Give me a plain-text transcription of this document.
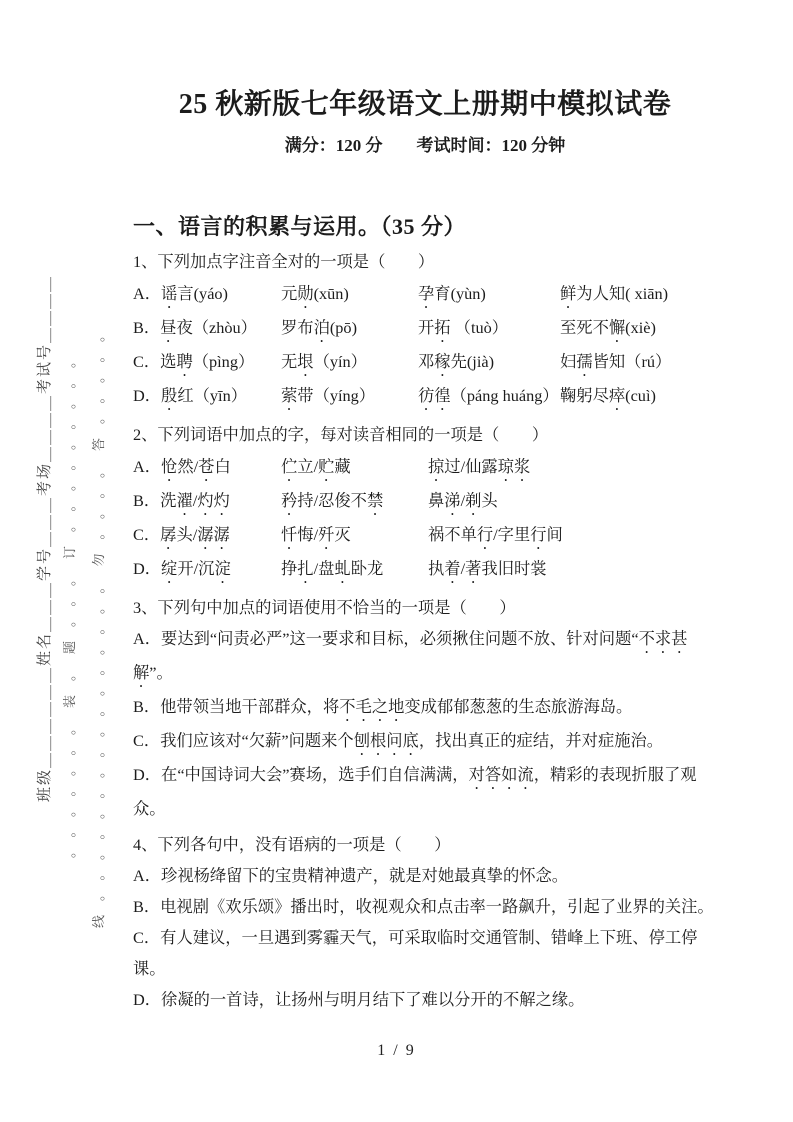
班级＿＿＿＿＿＿姓名＿＿＿学号＿＿＿考场＿＿＿＿考试号＿＿＿＿ 。。。。。。。装。题。。。订。。。。。。。。。 线。。。。。。。。。。。。。。。。勿。。。。答。。。。。
25 秋新版七年级语文上册期中模拟试卷
满分：120 分　　考试时间：120 分钟
一、语言的积累与运用。（35 分）
1、下列加点字注音全对的一项是（　　）
A．谣言(yáo)	元勋(xūn)	孕育(yùn)	鲜为人知( xiān)
B．昼夜（zhòu） 罗布泊(pō)	开拓 （tuò）	至死不懈(xiè)
C．选聘（pìng） 无垠（yín）	邓稼先(jià)	妇孺皆知（rú）
D．殷红（yīn） 萦带（yíng）	彷徨（páng huáng）鞠躬尽瘁(cuì)
2、下列词语中加点的字，每对读音相同的一项是（　　）
A．怆然/苍白	伫立/贮藏	掠过/仙露琼浆
B．洗濯/灼灼	矜持/忍俊不禁	鼻涕/剃头
C．孱头/潺潺	忏悔/歼灭	祸不单行/字里行间
D．绽开/沉淀	挣扎/盘虬卧龙	执着/著我旧时裳
3、下列句中加点的词语使用不恰当的一项是（　　）
A．要达到“问责必严”这一要求和目标，必须揪住问题不放、针对问题“不求甚解”。
B．他带领当地干部群众，将不毛之地变成郁郁葱葱的生态旅游海岛。
C．我们应该对“欠薪”问题来个刨根问底，找出真正的症结，并对症施治。
D．在“中国诗词大会”赛场，选手们自信满满，对答如流，精彩的表现折服了观众。
4、下列各句中，没有语病的一项是（　　）
A．珍视杨绛留下的宝贵精神遗产，就是对她最真挚的怀念。
B．电视剧《欢乐颂》播出时，收视观众和点击率一路飙升，引起了业界的关注。
C．有人建议，一旦遇到雾霾天气，可采取临时交通管制、错峰上下班、停工停课。
D．徐凝的一首诗，让扬州与明月结下了难以分开的不解之缘。
1 / 9
